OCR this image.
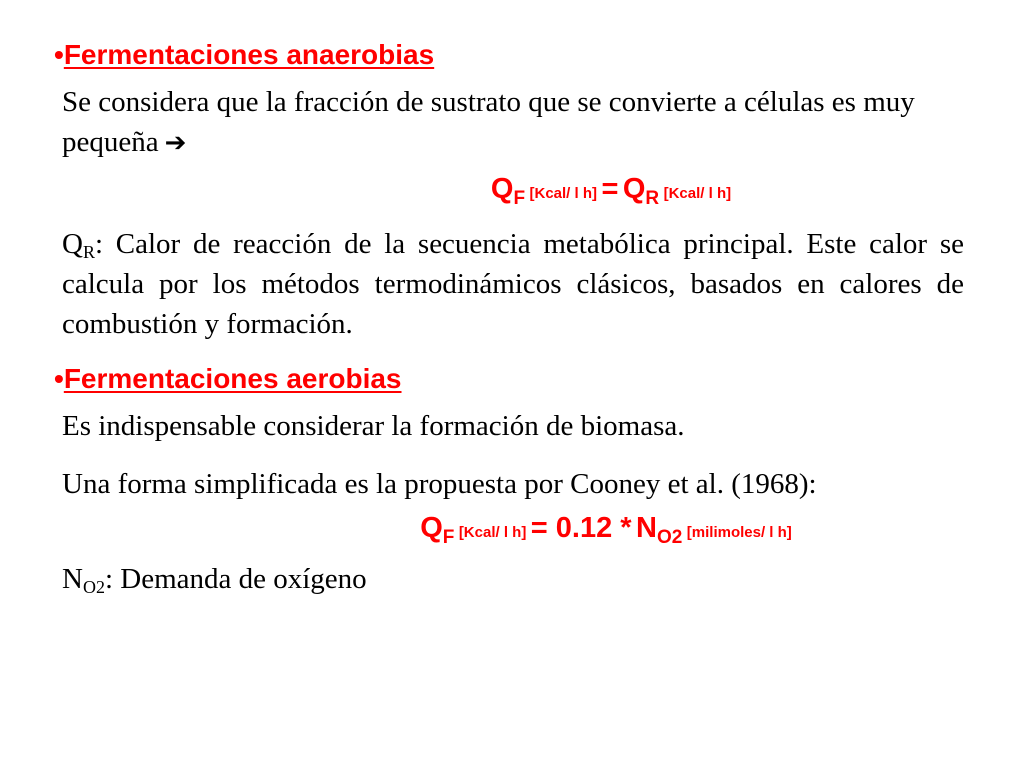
•Fermentaciones anaerobias

Se considera que la fracción de sustrato que se convierte a células es muy pequeña ➔

$Q_F$ [Kcal/ l $h] = Q_R$ [Kcal/ l h]

$Q_R$: Calor de reacción de la secuencia metabólica principal. Este calor se calcula por los métodos termodinámicos clásicos, basados en calores de combustión y formación.

•Fermentaciones aerobias

Es indispensable considerar la formación de biomasa.

Una forma simplificada es la propuesta por Cooney et al. (1968):

$Q_F$ [Kcal/ l $h] = 0.12 * N_{O2}$ [milimoles/ l h]

$N_{O2}$: Demanda de oxígeno
